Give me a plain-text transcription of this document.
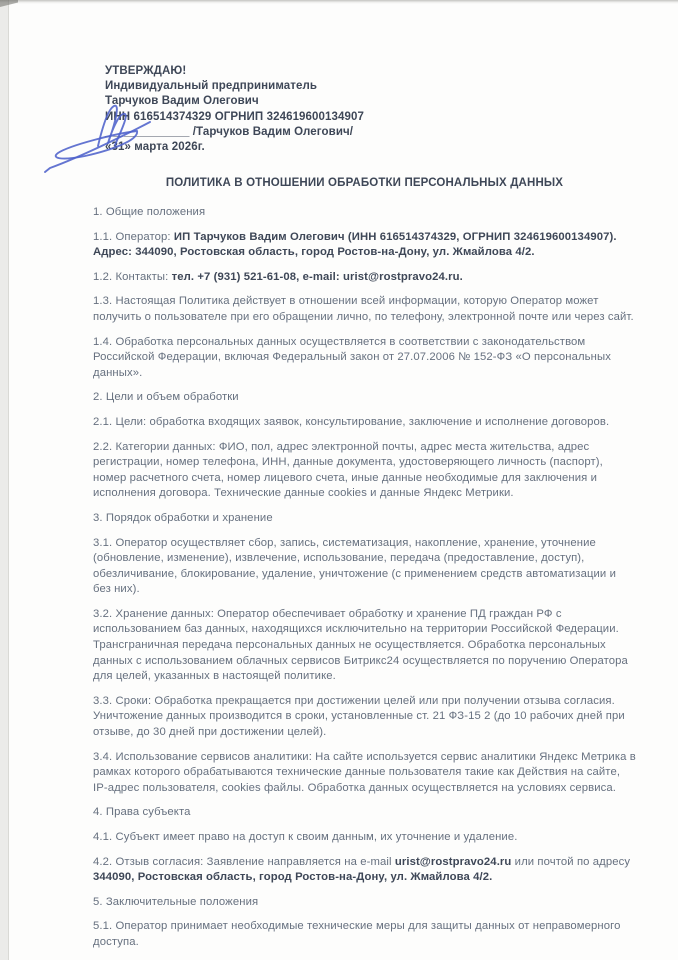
УТВЕРЖДАЮ!
Индивидуальный предприниматель
Тарчуков Вадим Олегович
ИНН 616514374329 ОГРНИП 324619600134907
_____________ /Тарчуков Вадим Олегович/
«31» марта 2026г.
ПОЛИТИКА В ОТНОШЕНИИ ОБРАБОТКИ ПЕРСОНАЛЬНЫХ ДАННЫХ

1. Общие положения

1.1. Оператор: ИП Тарчуков Вадим Олегович (ИНН 616514374329, ОГРНИП 324619600134907). Адрес: 344090, Ростовская область, город Ростов-на-Дону, ул. Жмайлова 4/2.

1.2. Контакты: тел. +7 (931) 521-61-08, e-mail: urist@rostpravo24.ru.

1.3. Настоящая Политика действует в отношении всей информации, которую Оператор может получить о пользователе при его обращении лично, по телефону, электронной почте или через сайт.

1.4. Обработка персональных данных осуществляется в соответствии с законодательством Российской Федерации, включая Федеральный закон от 27.07.2006 № 152-ФЗ «О персональных данных».

2. Цели и объем обработки

2.1. Цели: обработка входящих заявок, консультирование, заключение и исполнение договоров.

2.2. Категории данных: ФИО, пол, адрес электронной почты, адрес места жительства, адрес регистрации, номер телефона, ИНН, данные документа, удостоверяющего личность (паспорт), номер расчетного счета, номер лицевого счета, иные данные необходимые для заключения и исполнения договора. Технические данные cookies и данные Яндекс Метрики.

3. Порядок обработки и хранение

3.1. Оператор осуществляет сбор, запись, систематизация, накопление, хранение, уточнение (обновление, изменение), извлечение, использование, передача (предоставление, доступ), обезличивание, блокирование, удаление, уничтожение (с применением средств автоматизации и без них).

3.2. Хранение данных: Оператор обеспечивает обработку и хранение ПД граждан РФ с использованием баз данных, находящихся исключительно на территории Российской Федерации. Трансграничная передача персональных данных не осуществляется. Обработка персональных данных с использованием облачных сервисов Битрикс24 осуществляется по поручению Оператора для целей, указанных в настоящей политике.

3.3. Сроки: Обработка прекращается при достижении целей или при получении отзыва согласия. Уничтожение данных производится в сроки, установленные ст. 21 ФЗ-15 2 (до 10 рабочих дней при отзыве, до 30 дней при достижении целей).

3.4. Использование сервисов аналитики: На сайте используется сервис аналитики Яндекс Метрика в рамках которого обрабатываются технические данные пользователя такие как Действия на сайте, IP-адрес пользователя, cookies файлы. Обработка данных осуществляется на условиях сервиса.

4. Права субъекта

4.1. Субъект имеет право на доступ к своим данным, их уточнение и удаление.

4.2. Отзыв согласия: Заявление направляется на e-mail urist@rostpravo24.ru или почтой по адресу 344090, Ростовская область, город Ростов-на-Дону, ул. Жмайлова 4/2.

5. Заключительные положения

5.1. Оператор принимает необходимые технические меры для защиты данных от неправомерного доступа.
